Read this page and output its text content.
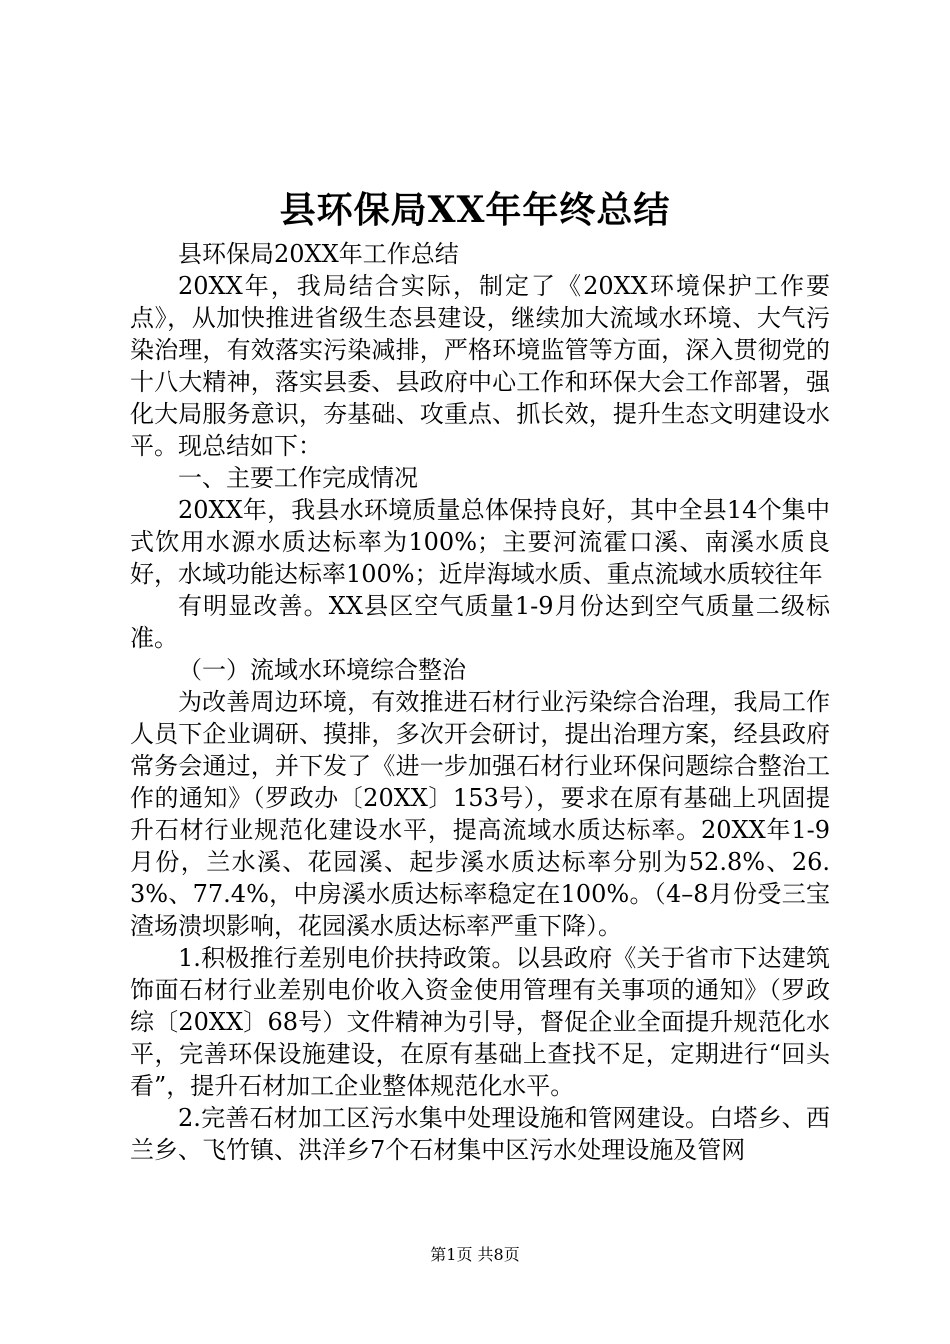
县环保局XX年年终总结

县环保局20XX年工作总结

20XX年，我局结合实际，制定了《20XX环境保护工作要点》，从加快推进省级生态县建设，继续加大流域水环境、大气污染治理，有效落实污染减排，严格环境监管等方面，深入贯彻党的十八大精神，落实县委、县政府中心工作和环保大会工作部署，强化大局服务意识，夯基础、攻重点、抓长效，提升生态文明建设水平。现总结如下：

一、主要工作完成情况

20XX年，我县水环境质量总体保持良好，其中全县14个集中式饮用水源水质达标率为100%；主要河流霍口溪、南溪水质良好，水域功能达标率100%；近岸海域水质、重点流域水质较往年

有明显改善。XX县区空气质量1-9月份达到空气质量二级标准。

（一）流域水环境综合整治

为改善周边环境，有效推进石材行业污染综合治理，我局工作人员下企业调研、摸排，多次开会研讨，提出治理方案，经县政府常务会通过，并下发了《进一步加强石材行业环保问题综合整治工作的通知》（罗政办〔20XX〕153号），要求在原有基础上巩固提升石材行业规范化建设水平，提高流域水质达标率。20XX年1-9月份，兰水溪、花园溪、起步溪水质达标率分别为52.8%、26.3%、77.4%，中房溪水质达标率稳定在100%。（4–8月份受三宝渣场溃坝影响，花园溪水质达标率严重下降）。

1.积极推行差别电价扶持政策。以县政府《关于省市下达建筑饰面石材行业差别电价收入资金使用管理有关事项的通知》（罗政综〔20XX〕68号）文件精神为引导，督促企业全面提升规范化水平，完善环保设施建设，在原有基础上查找不足，定期进行“回头看”，提升石材加工企业整体规范化水平。

2.完善石材加工区污水集中处理设施和管网建设。白塔乡、西兰乡、飞竹镇、洪洋乡7个石材集中区污水处理设施及管网

第1页 共8页
